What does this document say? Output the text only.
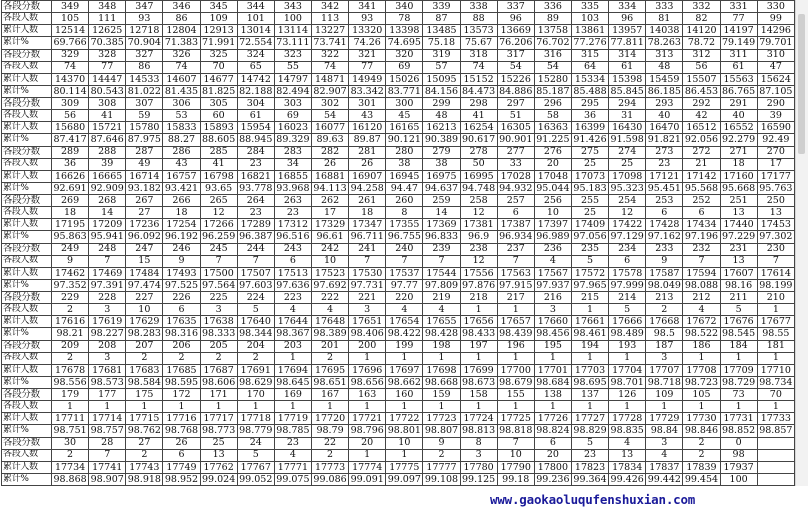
各段分数	349	348	347	346	345	344	343	342	341	340	339	338	337	336	335	334	333	332	331	330
各段人数	105	111	93	86	109	101	100	113	93	78	87	88	96	89	103	96	81	82	77	99
累计人数	12514	12625	12718	12804	12913	13014	13114	13227	13320	13398	13485	13573	13669	13758	13861	13957	14038	14120	14197	14296
累计%	69.766	70.385	70.904	71.383	71.991	72.554	73.111	73.741	74.26	74.695	75.18	75.67	76.206	76.702	77.276	77.811	78.263	78.72	79.149	79.701
各段分数	329	328	327	326	325	324	323	322	321	320	319	318	317	316	315	314	313	312	311	310
各段人数	74	77	86	74	70	65	55	74	77	69	57	74	54	54	64	61	48	56	61	47
累计人数	14370	14447	14533	14607	14677	14742	14797	14871	14949	15026	15095	15152	15226	15280	15334	15398	15459	15507	15563	15624
累计%	80.114	80.543	81.022	81.435	81.825	82.188	82.494	82.907	83.342	83.771	84.156	84.473	84.886	85.187	85.488	85.845	86.185	86.453	86.765	87.105
各段分数	309	308	307	306	305	304	303	302	301	300	299	298	297	296	295	294	293	292	291	290
各段人数	56	41	59	53	60	61	69	54	43	45	48	41	51	58	36	31	40	42	40	39
累计人数	15680	15721	15780	15833	15893	15954	16023	16077	16120	16165	16213	16254	16305	16363	16399	16430	16470	16512	16552	16590
累计%	87.417	87.646	87.975	88.27	88.605	88.945	89.329	89.63	89.87	90.121	90.389	90.617	90.901	91.225	91.426	91.598	91.821	92.056	92.279	92.49
各段分数	289	288	287	286	285	284	283	282	281	280	279	278	277	276	275	274	273	272	271	270
各段人数	36	39	49	43	41	23	34	26	26	38	38	50	33	20	25	25	23	21	18	17
累计人数	16626	16665	16714	16757	16798	16821	16855	16881	16907	16945	16975	16995	17028	17048	17073	17098	17121	17142	17160	17177
累计%	92.691	92.909	93.182	93.421	93.65	93.778	93.968	94.113	94.258	94.47	94.637	94.748	94.932	95.044	95.183	95.323	95.451	95.568	95.668	95.763
各段分数	269	268	267	266	265	264	263	262	261	260	259	258	257	256	255	254	253	252	251	250
各段人数	18	14	27	18	12	23	23	17	18	8	14	12	6	10	25	12	6	6	13	13
累计人数	17195	17209	17236	17254	17266	17289	17312	17329	17347	17355	17369	17381	17387	17397	17409	17422	17428	17434	17440	17453
累计%	95.863	95.941	96.092	96.192	96.259	96.387	96.516	96.61	96.711	96.755	96.833	96.9	96.934	96.989	97.056	97.129	97.162	97.196	97.229	97.302
各段分数	249	248	247	246	245	244	243	242	241	240	239	238	237	236	235	234	233	232	231	230
各段人数	9	7	15	9	7	7	6	10	7	7	7	12	7	4	5	6	9	7	13	7
累计人数	17462	17469	17484	17493	17500	17507	17513	17523	17530	17537	17544	17556	17563	17567	17572	17578	17587	17594	17607	17614
累计%	97.352	97.391	97.474	97.525	97.564	97.603	97.636	97.692	97.731	97.77	97.809	97.876	97.915	97.937	97.965	97.999	98.049	98.088	98.16	98.199
各段分数	229	228	227	226	225	224	223	222	221	220	219	218	217	216	215	214	213	212	211	210
各段人数	2	3	10	6	3	5	4	4	3	4	4	1	1	3	1	5	2	4	5	1
累计人数	17616	17619	17629	17635	17638	17640	17644	17648	17651	17654	17655	17656	17657	17660	17661	17666	17668	17672	17676	17677
累计%	98.21	98.227	98.283	98.316	98.333	98.344	98.367	98.389	98.406	98.422	98.428	98.433	98.439	98.456	98.461	98.489	98.5	98.522	98.545	98.55
各段分数	209	208	207	206	205	204	203	201	200	199	198	197	196	195	194	193	187	186	184	181
各段人数	2	3	2	2	2	2	1	2	1	1	1	1	1	1	1	1	3	1	1	1
累计人数	17678	17681	17683	17685	17687	17691	17694	17695	17696	17697	17698	17699	17700	17701	17703	17704	17707	17708	17709	17710
累计%	98.556	98.573	98.584	98.595	98.606	98.629	98.645	98.651	98.656	98.662	98.668	98.673	98.679	98.684	98.695	98.701	98.718	98.723	98.729	98.734
各段分数	179	177	175	172	171	170	169	167	163	160	159	158	155	138	137	126	109	105	73	70
各段人数	1	1	1	1	1	1	1	1	1	1	1	1	1	1	1	1	1	1	1	1
累计人数	17711	17714	17715	17716	17717	17718	17719	17720	17721	17722	17723	17724	17725	17726	17727	17728	17729	17730	17731	17733
累计%	98.751	98.757	98.762	98.768	98.773	98.779	98.785	98.79	98.796	98.801	98.807	98.813	98.818	98.824	98.829	98.835	98.84	98.846	98.852	98.857
各段分数	30	28	27	26	25	24	23	22	20	10	9	8	7	6	5	4	3	2	0	
各段人数	2	7	2	6	13	5	4	2	1	1	2	3	10	20	23	13	4	2	98	
累计人数	17734	17741	17743	17749	17762	17767	17771	17773	17774	17775	17777	17780	17790	17800	17823	17834	17837	17839	17937	
累计%	98.868	98.907	98.918	98.952	99.024	99.052	99.075	99.086	99.091	99.097	99.108	99.125	99.18	99.236	99.364	99.426	99.442	99.454	100	
www.gaokaoluqufenshuxian.com
